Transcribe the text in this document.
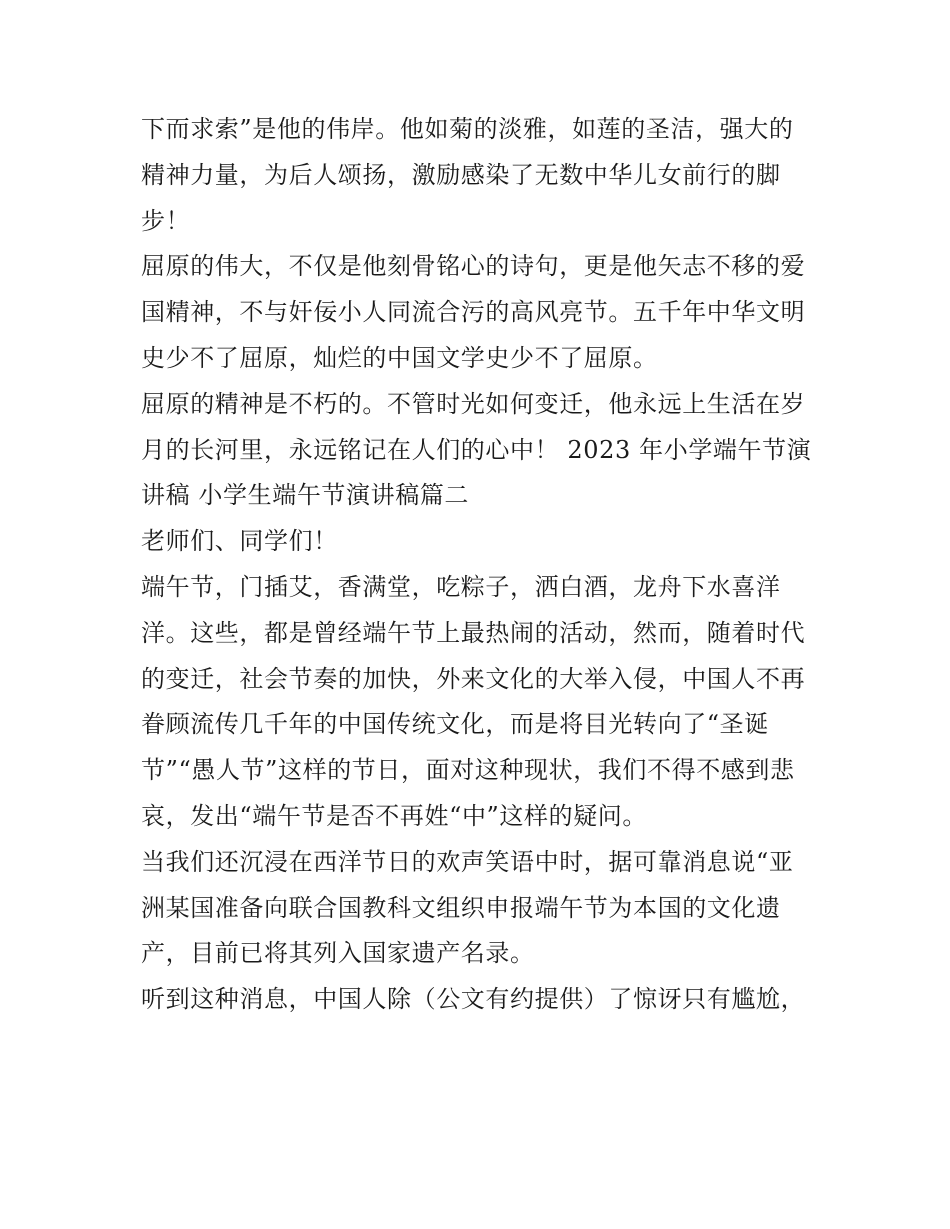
下而求索”是他的伟岸。他如菊的淡雅，如莲的圣洁，强大的
精神力量，为后人颂扬，激励感染了无数中华儿女前行的脚
步！

屈原的伟大，不仅是他刻骨铭心的诗句，更是他矢志不移的爱
国精神，不与奸佞小人同流合污的高风亮节。五千年中华文明
史少不了屈原，灿烂的中国文学史少不了屈原。

屈原的精神是不朽的。不管时光如何变迁，他永远上生活在岁
月的长河里，永远铭记在人们的心中！ 2023 年小学端午节演
讲稿 小学生端午节演讲稿篇二

老师们、同学们！

端午节，门插艾，香满堂，吃粽子，洒白酒，龙舟下水喜洋
洋。这些，都是曾经端午节上最热闹的活动，然而，随着时代
的变迁，社会节奏的加快，外来文化的大举入侵，中国人不再
眷顾流传几千年的中国传统文化，而是将目光转向了“圣诞
节”“愚人节”这样的节日，面对这种现状，我们不得不感到悲
哀，发出“端午节是否不再姓“中”这样的疑问。

当我们还沉浸在西洋节日的欢声笑语中时，据可靠消息说“亚
洲某国准备向联合国教科文组织申报端午节为本国的文化遗
产，目前已将其列入国家遗产名录。

听到这种消息，中国人除（公文有约提供）了惊讶只有尴尬，
